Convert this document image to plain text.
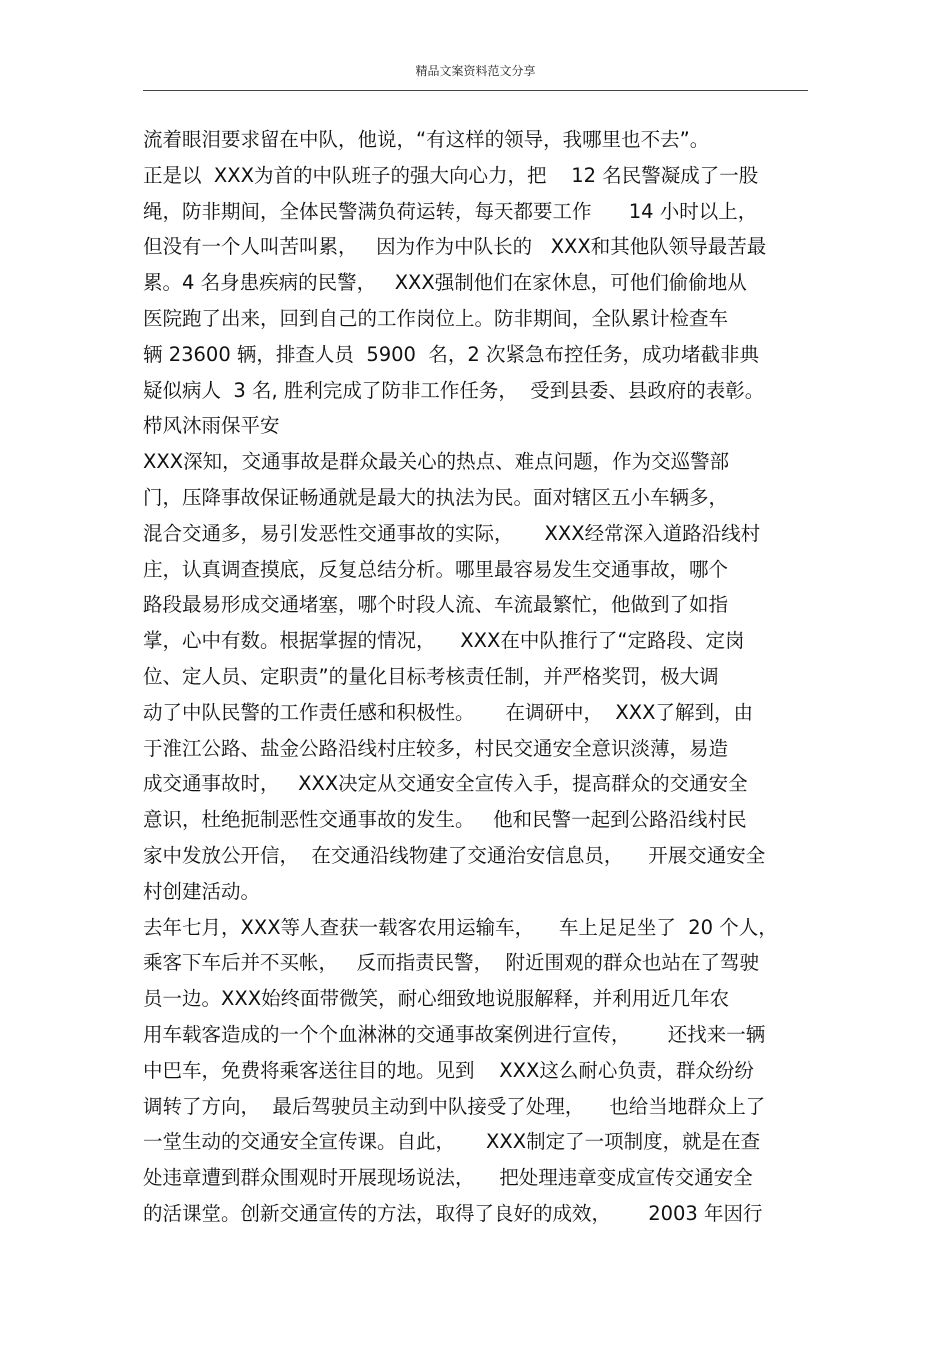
精品文案资料范文分享
流着眼泪要求留在中队，他说，“有这样的领导，我哪里也不去”。
正是以  XXX为首的中队班子的强大向心力，把    12 名民警凝成了一股
绳，防非期间，全体民警满负荷运转，每天都要工作      14 小时以上，
但没有一个人叫苦叫累，   因为作为中队长的   XXX和其他队领导最苦最
累。4 名身患疾病的民警，   XXX强制他们在家休息，可他们偷偷地从
医院跑了出来，回到自己的工作岗位上。防非期间，全队累计检查车
辆 23600 辆，排查人员  5900  名，2 次紧急布控任务，成功堵截非典
疑似病人  3 名, 胜利完成了防非工作任务，  受到县委、县政府的表彰。
栉风沐雨保平安
XXX深知，交通事故是群众最关心的热点、难点问题，作为交巡警部
门，压降事故保证畅通就是最大的执法为民。面对辖区五小车辆多，
混合交通多，易引发恶性交通事故的实际，     XXX经常深入道路沿线村
庄，认真调查摸底，反复总结分析。哪里最容易发生交通事故，哪个
路段最易形成交通堵塞，哪个时段人流、车流最繁忙，他做到了如指
掌，心中有数。根据掌握的情况，    XXX在中队推行了“定路段、定岗
位、定人员、定职责”的量化目标考核责任制，并严格奖罚，极大调
动了中队民警的工作责任感和积极性。     在调研中，  XXX了解到，由
于淮江公路、盐金公路沿线村庄较多，村民交通安全意识淡薄，易造
成交通事故时，   XXX决定从交通安全宣传入手，提高群众的交通安全
意识，杜绝扼制恶性交通事故的发生。   他和民警一起到公路沿线村民
家中发放公开信，  在交通沿线物建了交通治安信息员，    开展交通安全
村创建活动。
去年七月，XXX等人查获一载客农用运输车，    车上足足坐了  20 个人，
乘客下车后并不买帐，   反而指责民警，  附近围观的群众也站在了驾驶
员一边。XXX始终面带微笑，耐心细致地说服解释，并利用近几年农
用车载客造成的一个个血淋淋的交通事故案例进行宣传，      还找来一辆
中巴车，免费将乘客送往目的地。见到    XXX这么耐心负责，群众纷纷
调转了方向，  最后驾驶员主动到中队接受了处理，    也给当地群众上了
一堂生动的交通安全宣传课。自此，     XXX制定了一项制度，就是在查
处违章遭到群众围观时开展现场说法，    把处理违章变成宣传交通安全
的活课堂。创新交通宣传的方法，取得了良好的成效，      2003 年因行
